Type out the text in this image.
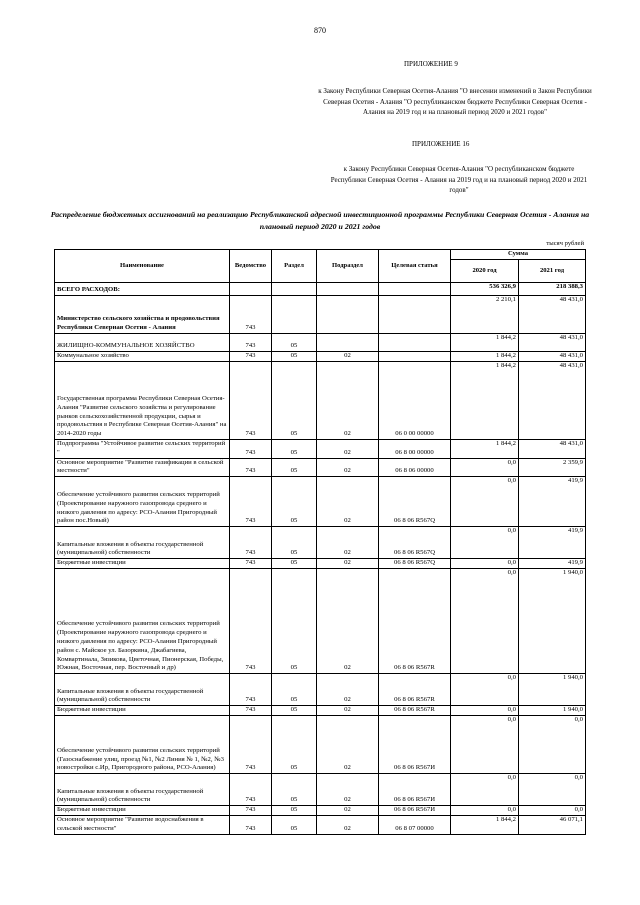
870
ПРИЛОЖЕНИЕ 9
к Закону Республики Северная Осетия-Алания "О внесении изменений в Закон Республики Северная Осетия - Алания "О республиканском бюджете Республики Северная Осетия - Алания на 2019 год и на плановый период 2020 и 2021 годов"
ПРИЛОЖЕНИЕ 16
к Закону Республики Северная Осетия-Алания "О республиканском бюджете Республики Северная Осетия - Алания на 2019 год и на плановый период 2020 и 2021 годов"
Распределение бюджетных ассигнований на реализацию Республиканской адресной инвестиционной программы Республики Северная Осетия - Алания на плановый период 2020 и 2021 годов
тысяч рублей
Наименование	Ведомство	Раздел	Подраздел	Целевая статья	Сумма	
					2020 год	2021 год
ВСЕГО РАСХОДОВ:					536 326,9	218 388,3
Министерство сельского хозяйства и продовольствия Республики Северная Осетия - Алания	743				2 210,1	48 431,0
ЖИЛИЩНО-КОММУНАЛЬНОЕ ХОЗЯЙСТВО	743	05			1 844,2	48 431,0
Коммунальное хозяйство	743	05	02		1 844,2	48 431,0
Государственная программа Республики Северная Осетия-Алания "Развитие сельского хозяйства и регулирование рынков сельскохозяйственной продукции, сырья и продовольствия в Республике Северная Осетия-Алания" на 2014-2020 годы	743	05	02	06 0 00 00000	1 844,2	48 431,0
Подпрограмма "Устойчивое развитие сельских территорий "	743	05	02	06 8 00 00000	1 844,2	48 431,0
Основное мероприятие "Развитие газификации в сельской местности"	743	05	02	06 8 06 00000	0,0	2 359,9
Обеспечение устойчивого развития сельских территорий (Проектирование наружного газопровода среднего и низкого давления по адресу: РСО-Алания Пригородный район пос.Новый)	743	05	02	06 8 06 R567Q	0,0	419,9
Капитальные вложения в объекты государственной (муниципальной) собственности	743	05	02	06 8 06 R567Q	0,0	419,9
Бюджетные инвестиции	743	05	02	06 8 06 R567Q	0,0	419,9
Обеспечение устойчивого развития сельских территорий (Проектирование наружного газопровода среднего и низкого давления по адресу: РСО-Алания Пригородный район с. Майское ул. Базоркина, Джабагиева, Комвартинала, Зязикова, Цветочная, Пионерская, Победы, Южная, Восточная, пер. Восточный и др)	743	05	02	06 8 06 R567R	0,0	1 940,0
Капитальные вложения в объекты государственной (муниципальной) собственности	743	05	02	06 8 06 R567R	0,0	1 940,0
Бюджетные инвестиции	743	05	02	06 8 06 R567R	0,0	1 940,0
Обеспечение устойчивого развития сельских территорий (Газоснабжение улиц, проезд №1, №2 Линия № 1, №2, №3 новостройки с.Ир, Пригородного района, РСО-Алания)	743	05	02	06 8 06 R567И	0,0	0,0
Капитальные вложения в объекты государственной (муниципальной) собственности	743	05	02	06 8 06 R567И	0,0	0,0
Бюджетные инвестиции	743	05	02	06 8 06 R567И	0,0	0,0
Основное мероприятие "Развитие водоснабжения в сельской местности"	743	05	02	06 8 07 00000	1 844,2	46 071,1
